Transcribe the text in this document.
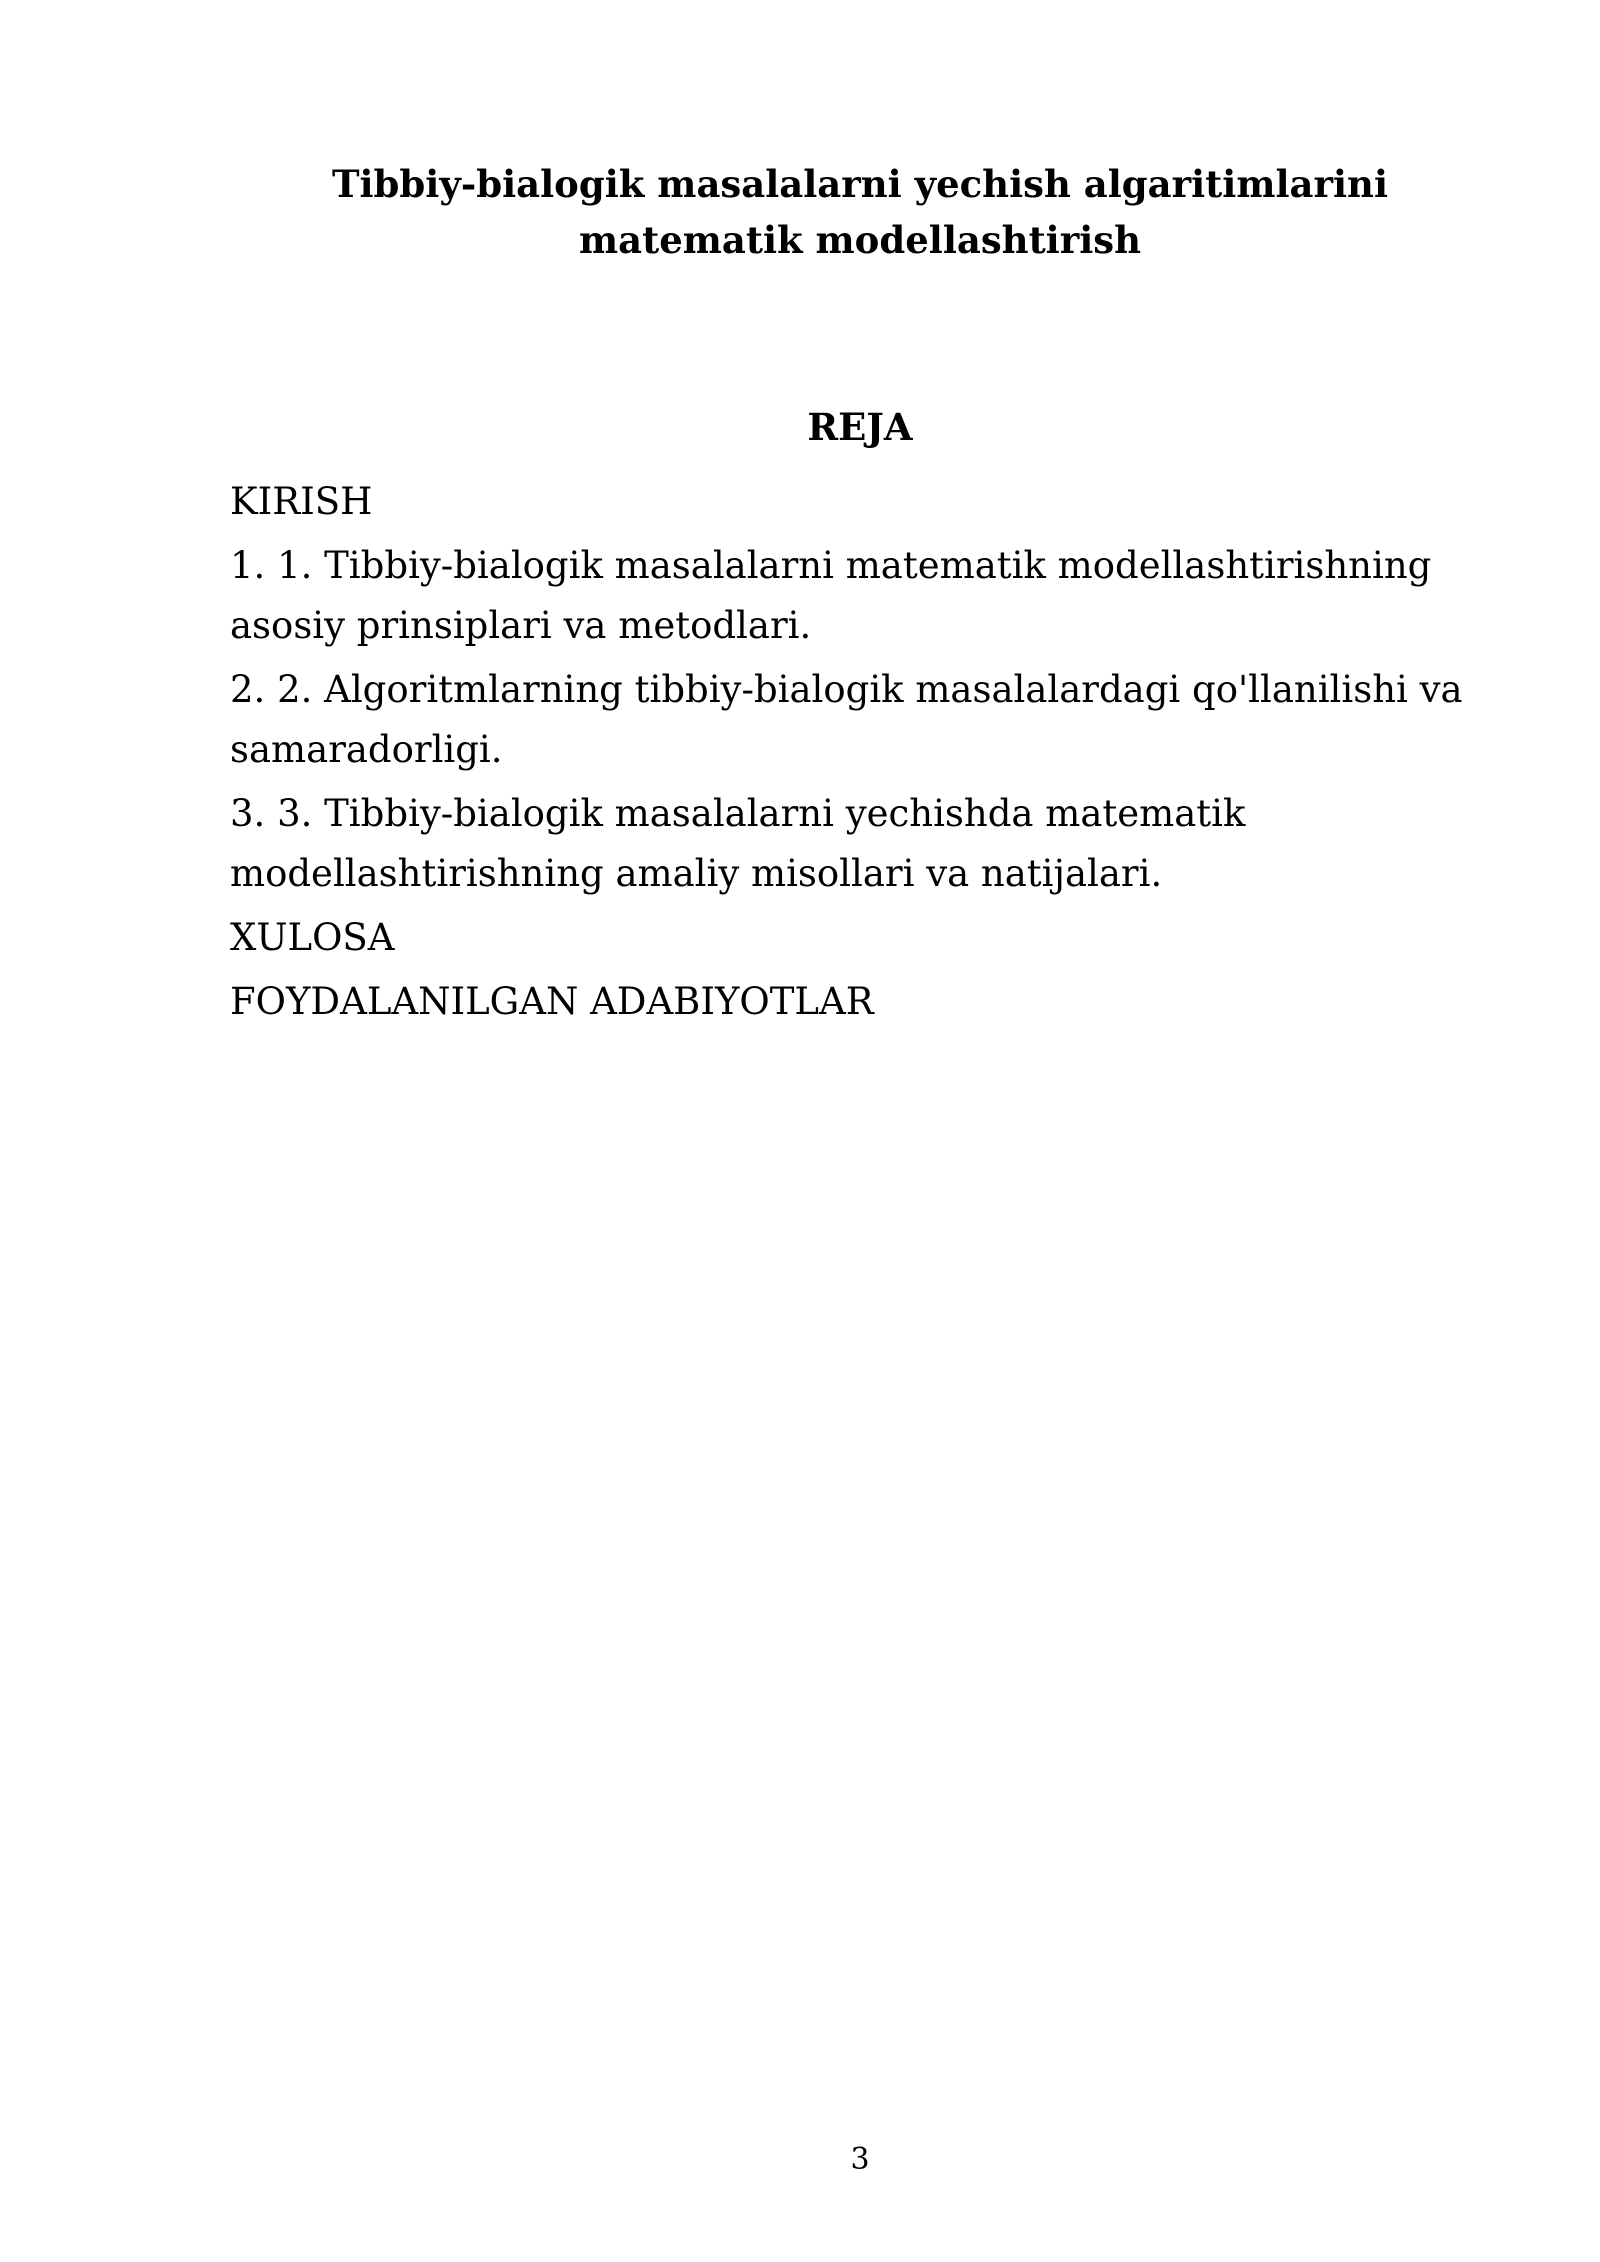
Tibbiy-bialogik masalalarni yechish algaritimlarini
matematik modellashtirish
REJA
KIRISH
1. 1. Tibbiy-bialogik masalalarni matematik modellashtirishning asosiy prinsiplari va metodlari.
2. 2. Algoritmlarning tibbiy-bialogik masalalardagi qo'llanilishi va samaradorligi.
3. 3. Tibbiy-bialogik masalalarni yechishda matematik modellashtirishning amaliy misollari va natijalari.
XULOSA
FOYDALANILGAN ADABIYOTLAR
3
